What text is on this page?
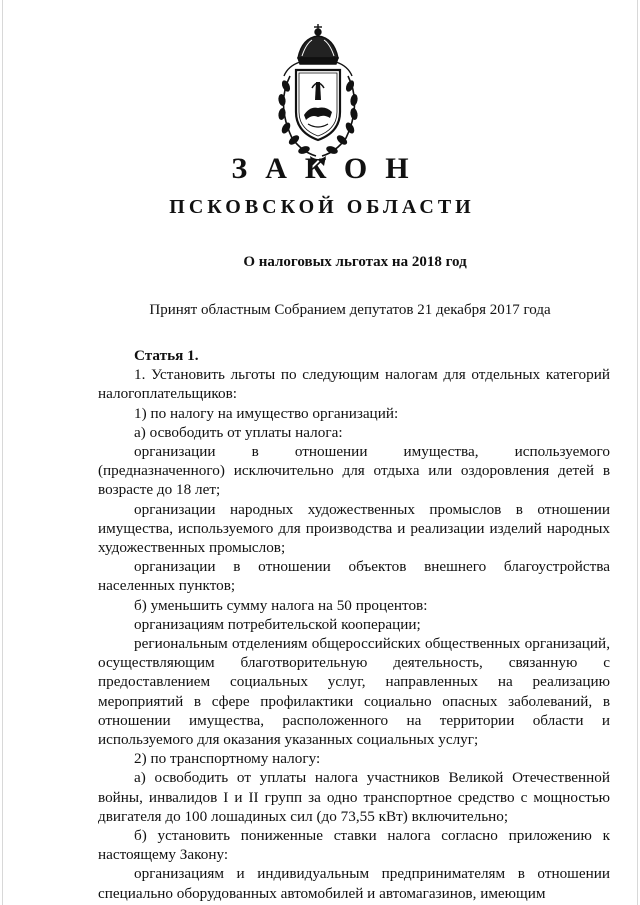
ЗАКОН
ПСКОВСКОЙ ОБЛАСТИ
О налоговых льготах на 2018 год
Принят областным Собранием депутатов 21 декабря 2017 года

Статья 1.

1. Установить льготы по следующим налогам для отдельных категорий налогоплательщиков:

1) по налогу на имущество организаций:

а) освободить от уплаты налога:

организации в отношении имущества, используемого (предназначенного) исключительно для отдыха или оздоровления детей в возрасте до 18 лет;

организации народных художественных промыслов в отношении имущества, используемого для производства и реализации изделий народных художественных промыслов;

организации в отношении объектов внешнего благоустройства населенных пунктов;

б) уменьшить сумму налога на 50 процентов:

организациям потребительской кооперации;

региональным отделениям общероссийских общественных организаций, осуществляющим благотворительную деятельность, связанную с предоставлением социальных услуг, направленных на реализацию мероприятий в сфере профилактики социально опасных заболеваний, в отношении имущества, расположенного на территории области и используемого для оказания указанных социальных услуг;

2) по транспортному налогу:

а) освободить от уплаты налога участников Великой Отечественной войны, инвалидов I и II групп за одно транспортное средство с мощностью двигателя до 100 лошадиных сил (до 73,55 кВт) включительно;

б) установить пониженные ставки налога согласно приложению к настоящему Закону:

организациям и индивидуальным предпринимателям в отношении специально оборудованных автомобилей и автомагазинов, имеющим
